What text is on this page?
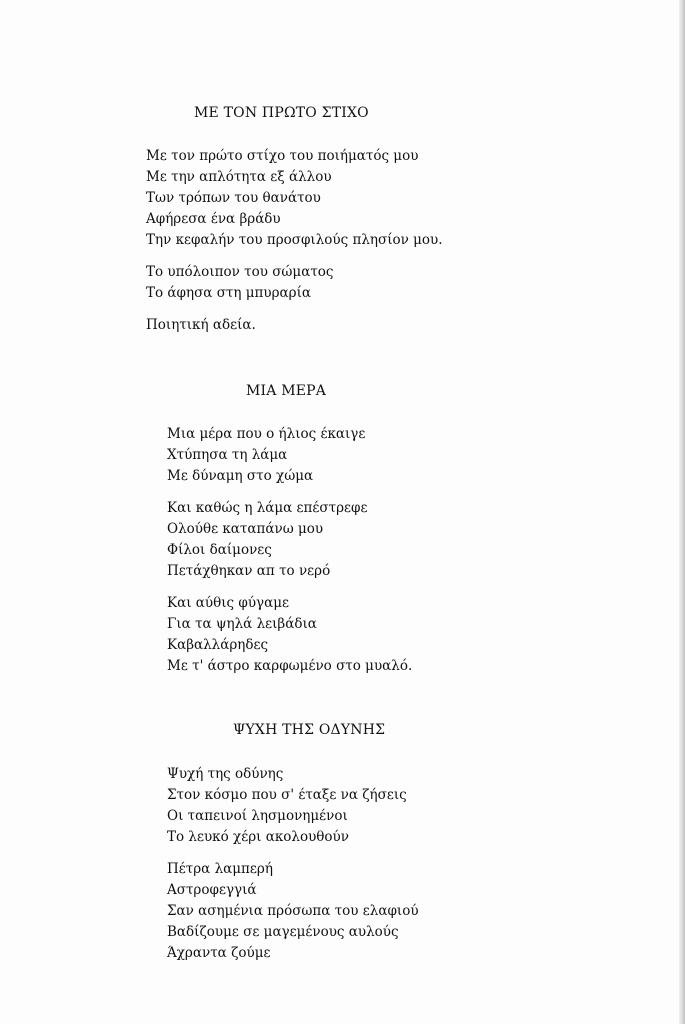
ΜΕ ΤΟΝ ΠΡΩΤΟ ΣΤΙΧΟ
Με τον πρώτο στίχο του ποιήματός μου
Με την απλότητα εξ άλλου
Των τρόπων του θανάτου
Αφήρεσα ένα βράδυ
Την κεφαλήν του προσφιλούς πλησίον μου.
Το υπόλοιπον του σώματος
Το άφησα στη μπυραρία
Ποιητική αδεία.
ΜΙΑ ΜΕΡΑ
Μια μέρα που ο ήλιος έκαιγε
Χτύπησα τη λάμα
Με δύναμη στο χώμα
Και καθώς η λάμα επέστρεφε
Ολούθε καταπάνω μου
Φίλοι δαίμονες
Πετάχθηκαν απ το νερό
Και αύθις φύγαμε
Για τα ψηλά λειβάδια
Καβαλλάρηδες
Με τ' άστρο καρφωμένο στο μυαλό.
ΨΥΧΗ ΤΗΣ ΟΔΥΝΗΣ
Ψυχή της οδύνης
Στον κόσμο που σ' έταξε να ζήσεις
Οι ταπεινοί λησμονημένοι
Το λευκό χέρι ακολουθούν
Πέτρα λαμπερή
Αστροφεγγιά
Σαν ασημένια πρόσωπα του ελαφιού
Βαδίζουμε σε μαγεμένους αυλούς
Άχραντα ζούμε
